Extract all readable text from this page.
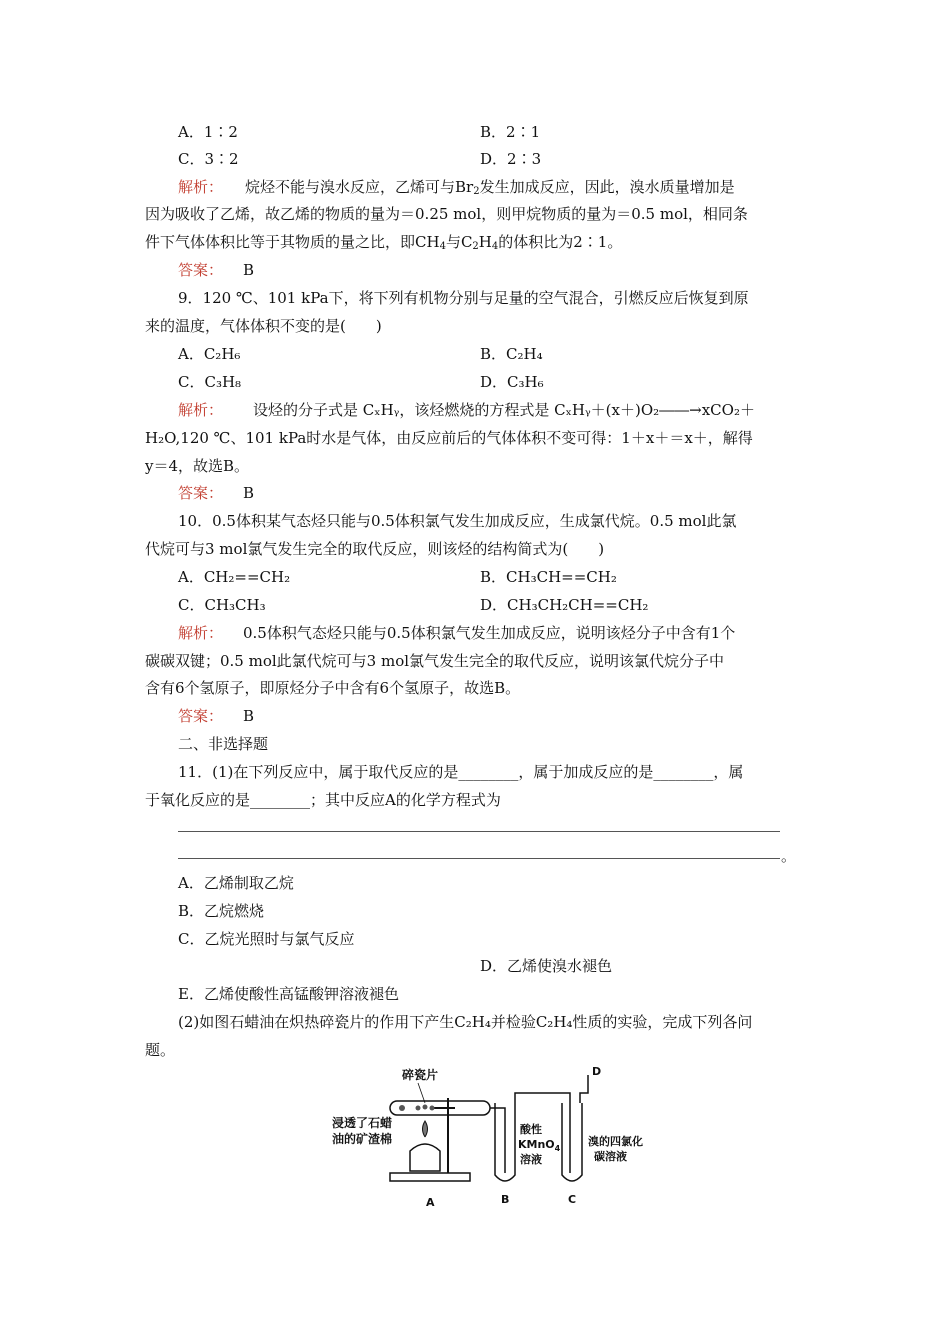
A．1∶2	B．2∶1
C．3∶2	D．2∶3
解析： 烷烃不能与溴水反应，乙烯可与$Br_2$发生加成反应，因此，溴水质量增加是
因为吸收了乙烯，故乙烯的物质的量为＝0.25 mol，则甲烷物质的量为＝0.5 mol，相同条
件下气体体积比等于其物质的量之比，即$CH_4$与$C_2H_4$的体积比为2∶1。
答案： B
9．120 ℃、101 kPa下，将下列有机物分别与足量的空气混合，引燃反应后恢复到原
来的温度，气体体积不变的是(　　)
A．C₂H₆	B．C₂H₄
C．C₃H₈	D．C₃H₆
解析： 设烃的分子式是 CₓHᵧ，该烃燃烧的方程式是 CₓHᵧ＋(x＋)O₂――→xCO₂＋
H₂O,120 ℃、101 kPa时水是气体，由反应前后的气体体积不变可得：1＋x＋＝x＋，解得
y＝4，故选B。
答案： B
10．0.5体积某气态烃只能与0.5体积氯气发生加成反应，生成氯代烷。0.5 mol此氯
代烷可与3 mol氯气发生完全的取代反应，则该烃的结构简式为(　　)
A．CH₂==CH₂	B．CH₃CH==CH₂
C．CH₃CH₃	D．CH₃CH₂CH==CH₂
解析： 0.5体积气态烃只能与0.5体积氯气发生加成反应，说明该烃分子中含有1个
碳碳双键；0.5 mol此氯代烷可与3 mol氯气发生完全的取代反应，说明该氯代烷分子中
含有6个氢原子，即原烃分子中含有6个氢原子，故选B。
答案： B
二、非选择题
11．(1)在下列反应中，属于取代反应的是________，属于加成反应的是________，属
于氧化反应的是________；其中反应A的化学方程式为
。
A．乙烯制取乙烷
B．乙烷燃烧
C．乙烷光照时与氯气反应
D．乙烯使溴水褪色
E．乙烯使酸性高锰酸钾溶液褪色
(2)如图石蜡油在炽热碎瓷片的作用下产生C₂H₄并检验C₂H₄性质的实验，完成下列各问
题。
碎瓷片
浸透了石蜡
油的矿渣棉
酸性
KMnO$_4$
溶液
溴的四氯化
碳溶液
A	B	C
D
